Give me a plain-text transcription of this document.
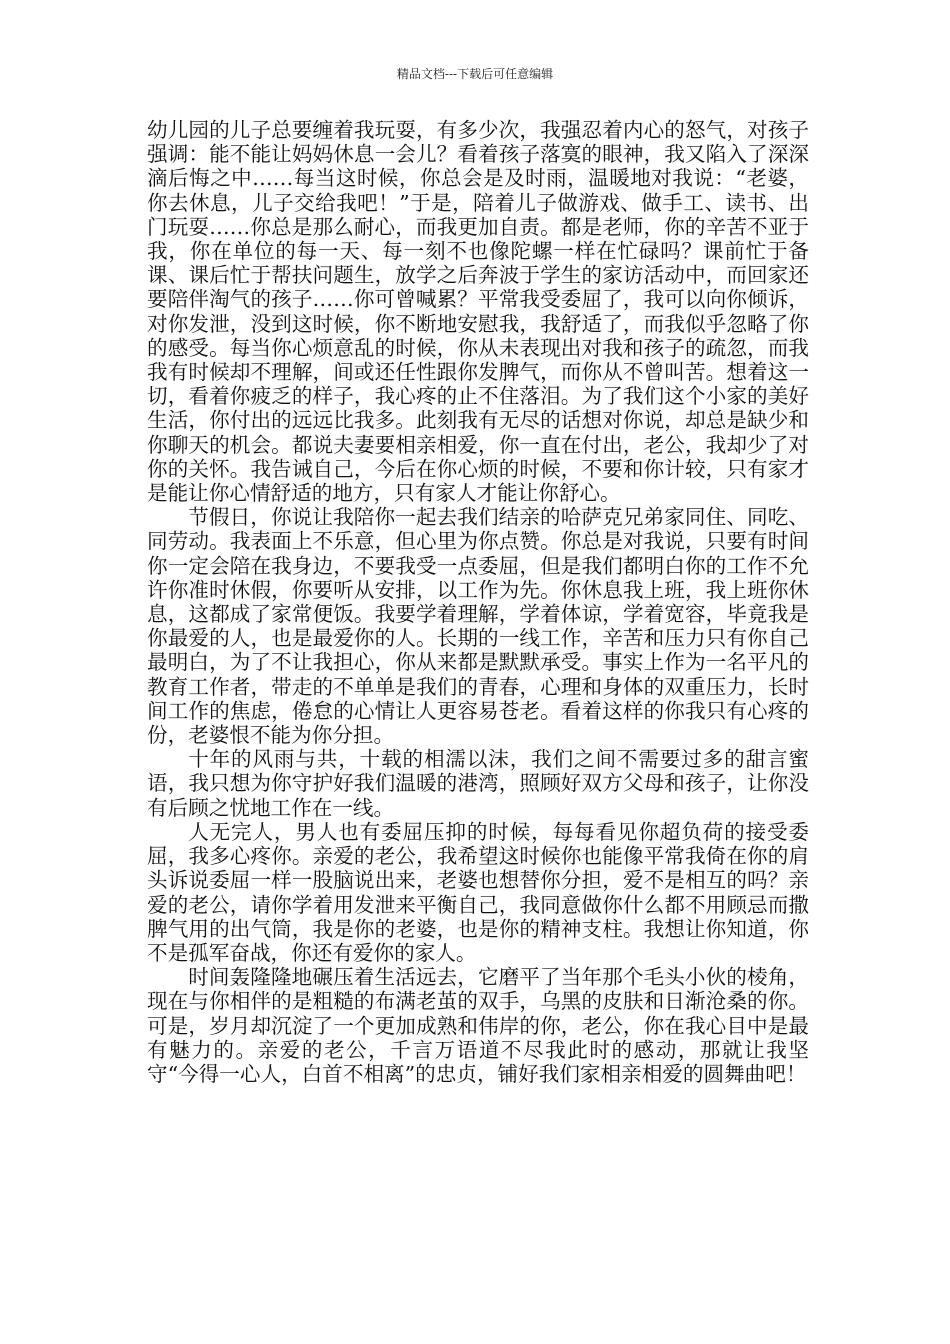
精品文档---下载后可任意编辑

幼儿园的儿子总要缠着我玩耍，有多少次，我强忍着内心的怒气，对孩子强调：能不能让妈妈休息一会儿？看着孩子落寞的眼神，我又陷入了深深滴后悔之中……每当这时候，你总会是及时雨，温暖地对我说：“老婆，你去休息，儿子交给我吧！”于是，陪着儿子做游戏、做手工、读书、出门玩耍……你总是那么耐心，而我更加自责。都是老师，你的辛苦不亚于我，你在单位的每一天、每一刻不也像陀螺一样在忙碌吗？课前忙于备课、课后忙于帮扶问题生，放学之后奔波于学生的家访活动中，而回家还要陪伴淘气的孩子……你可曾喊累？平常我受委屈了，我可以向你倾诉，对你发泄，没到这时候，你不断地安慰我，我舒适了，而我似乎忽略了你的感受。每当你心烦意乱的时候，你从未表现出对我和孩子的疏忽，而我我有时候却不理解，间或还任性跟你发脾气，而你从不曾叫苦。想着这一切，看着你疲乏的样子，我心疼的止不住落泪。为了我们这个小家的美好生活，你付出的远远比我多。此刻我有无尽的话想对你说，却总是缺少和你聊天的机会。都说夫妻要相亲相爱，你一直在付出，老公，我却少了对你的关怀。我告诫自己，今后在你心烦的时候，不要和你计较，只有家才是能让你心情舒适的地方，只有家人才能让你舒心。

节假日，你说让我陪你一起去我们结亲的哈萨克兄弟家同住、同吃、同劳动。我表面上不乐意，但心里为你点赞。你总是对我说，只要有时间你一定会陪在我身边，不要我受一点委屈，但是我们都明白你的工作不允许你准时休假，你要听从安排，以工作为先。你休息我上班，我上班你休息，这都成了家常便饭。我要学着理解，学着体谅，学着宽容，毕竟我是你最爱的人，也是最爱你的人。长期的一线工作，辛苦和压力只有你自己最明白，为了不让我担心，你从来都是默默承受。事实上作为一名平凡的教育工作者，带走的不单单是我们的青春，心理和身体的双重压力，长时间工作的焦虑，倦怠的心情让人更容易苍老。看着这样的你我只有心疼的份，老婆恨不能为你分担。

十年的风雨与共，十载的相濡以沫，我们之间不需要过多的甜言蜜语，我只想为你守护好我们温暖的港湾，照顾好双方父母和孩子，让你没有后顾之忧地工作在一线。

人无完人，男人也有委屈压抑的时候，每每看见你超负荷的接受委屈，我多心疼你。亲爱的老公，我希望这时候你也能像平常我倚在你的肩头诉说委屈一样一股脑说出来，老婆也想替你分担，爱不是相互的吗？亲爱的老公，请你学着用发泄来平衡自己，我同意做你什么都不用顾忌而撒脾气用的出气筒，我是你的老婆，也是你的精神支柱。我想让你知道，你不是孤军奋战，你还有爱你的家人。

时间轰隆隆地碾压着生活远去，它磨平了当年那个毛头小伙的棱角，现在与你相伴的是粗糙的布满老茧的双手，乌黑的皮肤和日渐沧桑的你。可是，岁月却沉淀了一个更加成熟和伟岸的你，老公，你在我心目中是最有魅力的。亲爱的老公，千言万语道不尽我此时的感动，那就让我坚守“今得一心人，白首不相离”的忠贞，铺好我们家相亲相爱的圆舞曲吧！
